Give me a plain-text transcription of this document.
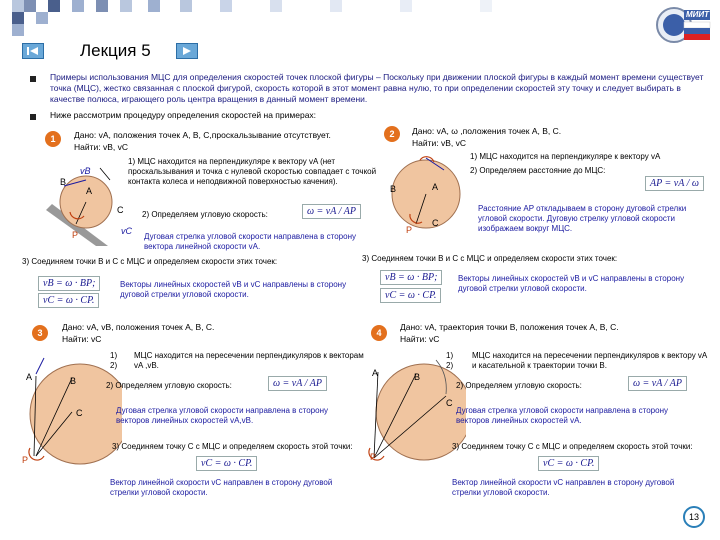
МИИТ
Лекция 5
Примеры использования МЦС для определения скоростей точек плоской фигуры – Поскольку при движении плоской фигуры в каждый момент времени существует точка (МЦС), жестко связанная с плоской фигурой, скорость которой в этот момент равна нулю, то при определении скоростей эту точку и следует выбирать в качестве полюса, играющего роль центра вращения в данный момент времени.
Ниже рассмотрим процедуру определения скоростей на примерах:
1	Дано: vA, положения точек A, B, C,проскальзывание отсутствует.
Найти: vB, vC
1) МЦС находится на перпендикуляре к вектору vA (нет проскальзывания и точка с нулевой скоростью совпадает с точкой контакта колеса и неподвижной поверхностью качения).
B
A
C
P
vB
vC
2) Определяем угловую скорость:	ω = vA / AP
Дуговая стрелка угловой скорости направлена в сторону вектора линейной скорости vA.
3) Соединяем точки B и C с МЦС и определяем скорости этих точек:
vB = ω · BP;
vC = ω · CP.
Векторы линейных скоростей vB и vC направлены в сторону дуговой стрелки угловой скорости.
2	Дано: vA, ω ,положения точек A, B, C.
Найти: vB, vC
1) МЦС находится на перпендикуляре к вектору vA
2) Определяем расстояние до МЦС:
AP = vA / ω
B	A
C
P
Расстояние AP откладываем в сторону дуговой стрелки угловой скорости. Дуговую стрелку угловой скорости изображаем вокруг МЦС.
3) Соединяем точки B и C с МЦС и определяем скорости этих точек:
vB = ω · BP;
vC = ω · CP.
Векторы линейных скоростей vB и vC направлены в сторону дуговой стрелки угловой скорости.
3
Дано: vA, vB, положения точек A, B, C.
Найти: vC
1)
2)
МЦС находится на пересечении перпендикуляров к векторам vA ,vB.
A	B
C
P
2) Определяем угловую скорость:	ω = vA / AP
Дуговая стрелка угловой скорости направлена в сторону векторов линейных скоростей vA,vB.
3) Соединяем точку C с МЦС и определяем скорость этой точки:
vC = ω · CP.
Вектор линейной скорости vC направлен в сторону дуговой стрелки угловой скорости.
4
Дано: vA, траектория точки B, положения точек A, B, C.
Найти: vC
1)
2)
МЦС находится на пересечении перпендикуляров к вектору vA и касательной к траектории точки B.
A	B
C
P
2) Определяем угловую скорость:	ω = vA / AP
Дуговая стрелка угловой скорости направлена в сторону векторов линейных скоростей vA.
3) Соединяем точку C с МЦС и определяем скорость этой точки:
vC = ω · CP.
Вектор линейной скорости vC направлен в сторону дуговой стрелки угловой скорости.
13
